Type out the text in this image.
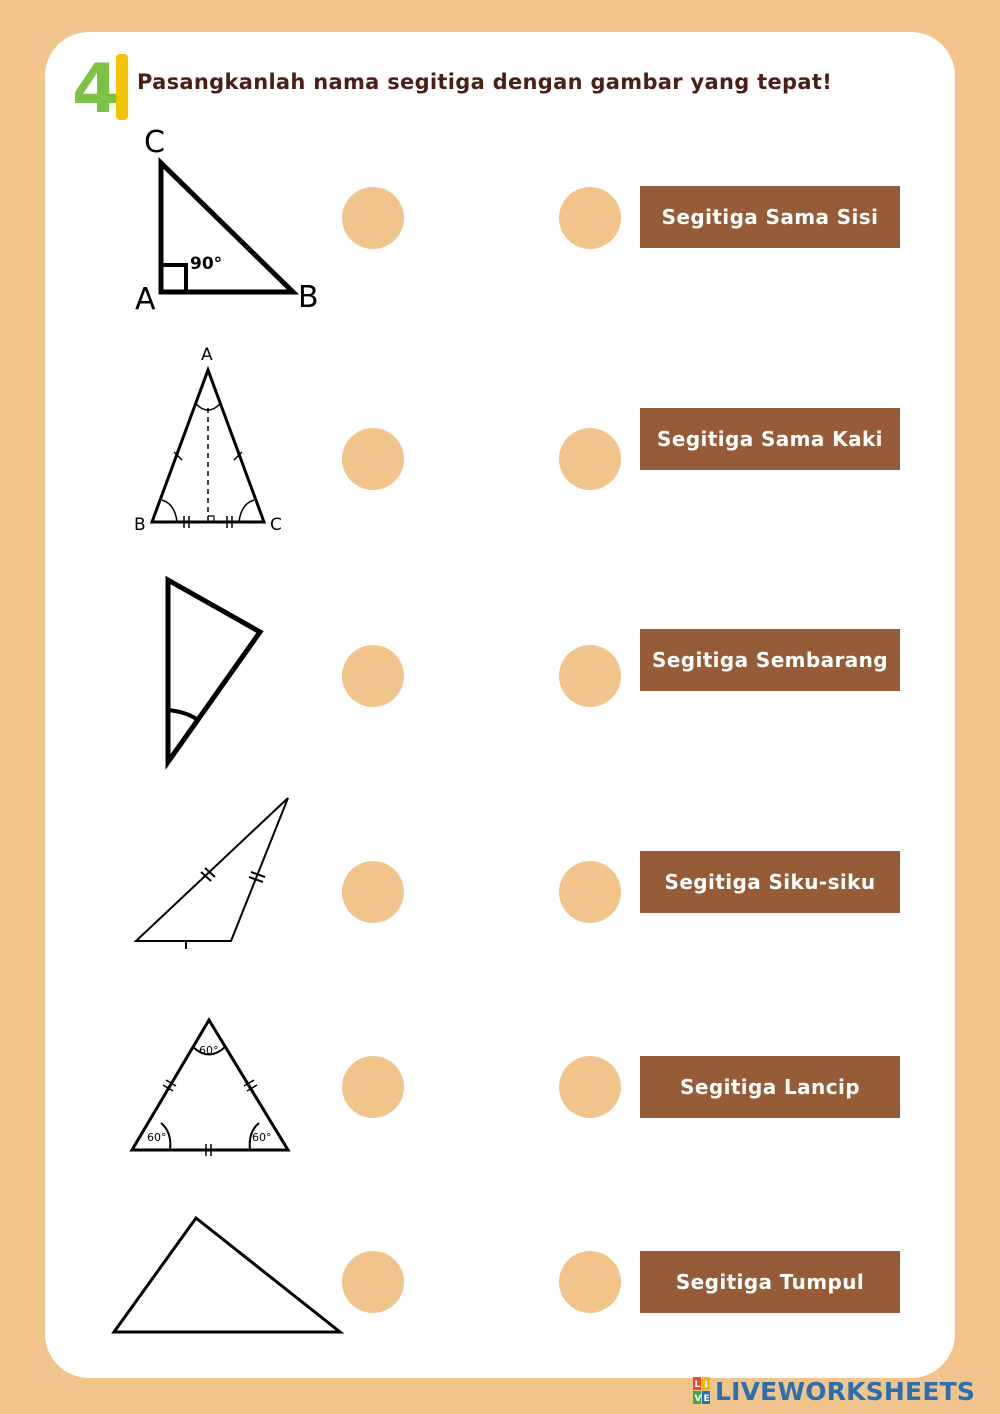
4 Pasangkanlah nama segitiga dengan gambar yang tepat!
C
A	B
90°
A
B	C
60°
60°	60°
Segitiga Sama Sisi
Segitiga Sama Kaki
Segitiga Sembarang
Segitiga Siku-siku
Segitiga Lancip
Segitiga Tumpul
L I
V E LIVEWORKSHEETS
